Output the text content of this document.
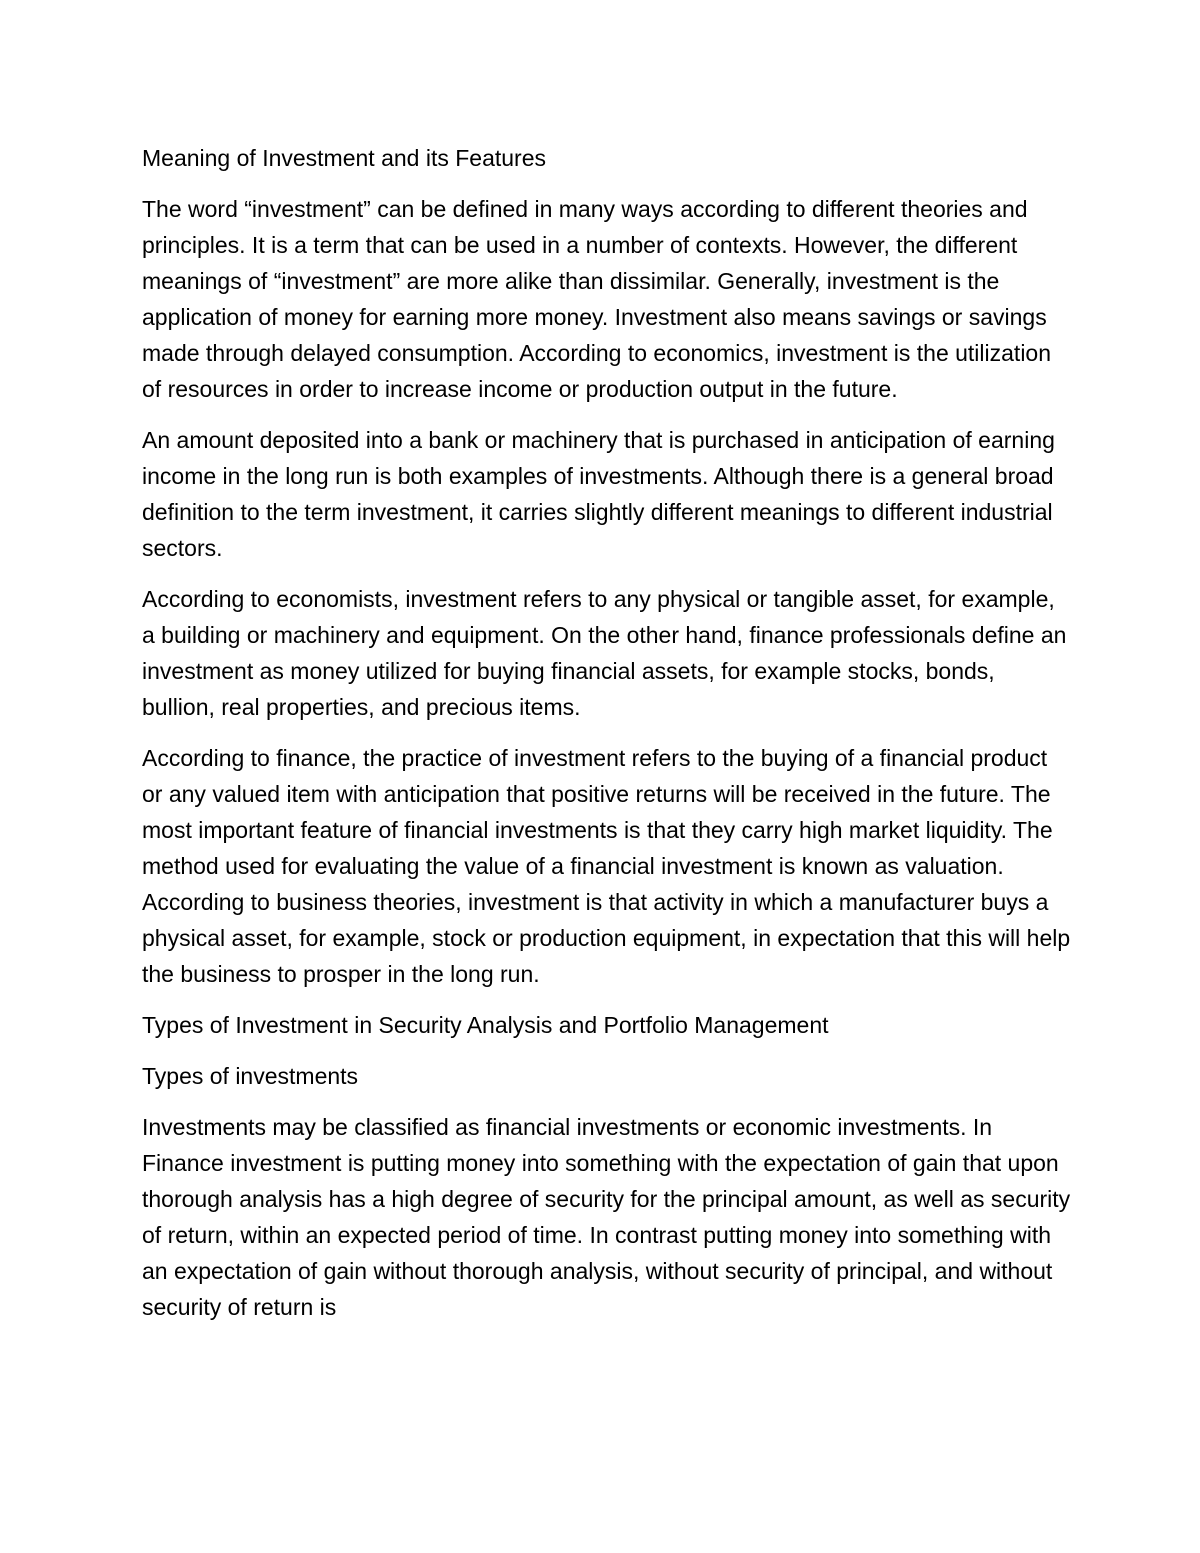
Meaning of Investment and its Features

The word “investment” can be defined in many ways according to different theories and principles. It is a term that can be used in a number of contexts. However, the different meanings of “investment” are more alike than dissimilar. Generally, investment is the application of money for earning more money. Investment also means savings or savings made through delayed consumption. According to economics, investment is the utilization of resources in order to increase income or production output in the future.

An amount deposited into a bank or machinery that is purchased in anticipation of earning income in the long run is both examples of investments. Although there is a general broad definition to the term investment, it carries slightly different meanings to different industrial sectors.

According to economists, investment refers to any physical or tangible asset, for example, a building or machinery and equipment. On the other hand, finance professionals define an investment as money utilized for buying financial assets, for example stocks, bonds, bullion, real properties, and precious items.

According to finance, the practice of investment refers to the buying of a financial product or any valued item with anticipation that positive returns will be received in the future. The most important feature of financial investments is that they carry high market liquidity. The method used for evaluating the value of a financial investment is known as valuation. According to business theories, investment is that activity in which a manufacturer buys a physical asset, for example, stock or production equipment, in expectation that this will help the business to prosper in the long run.

Types of Investment in Security Analysis and Portfolio Management

Types of investments

Investments may be classified as financial investments or economic investments. In Finance investment is putting money into something with the expectation of gain that upon thorough analysis has a high degree of security for the principal amount, as well as security of return, within an expected period of time. In contrast putting money into something with an expectation of gain without thorough analysis, without security of principal, and without security of return is
